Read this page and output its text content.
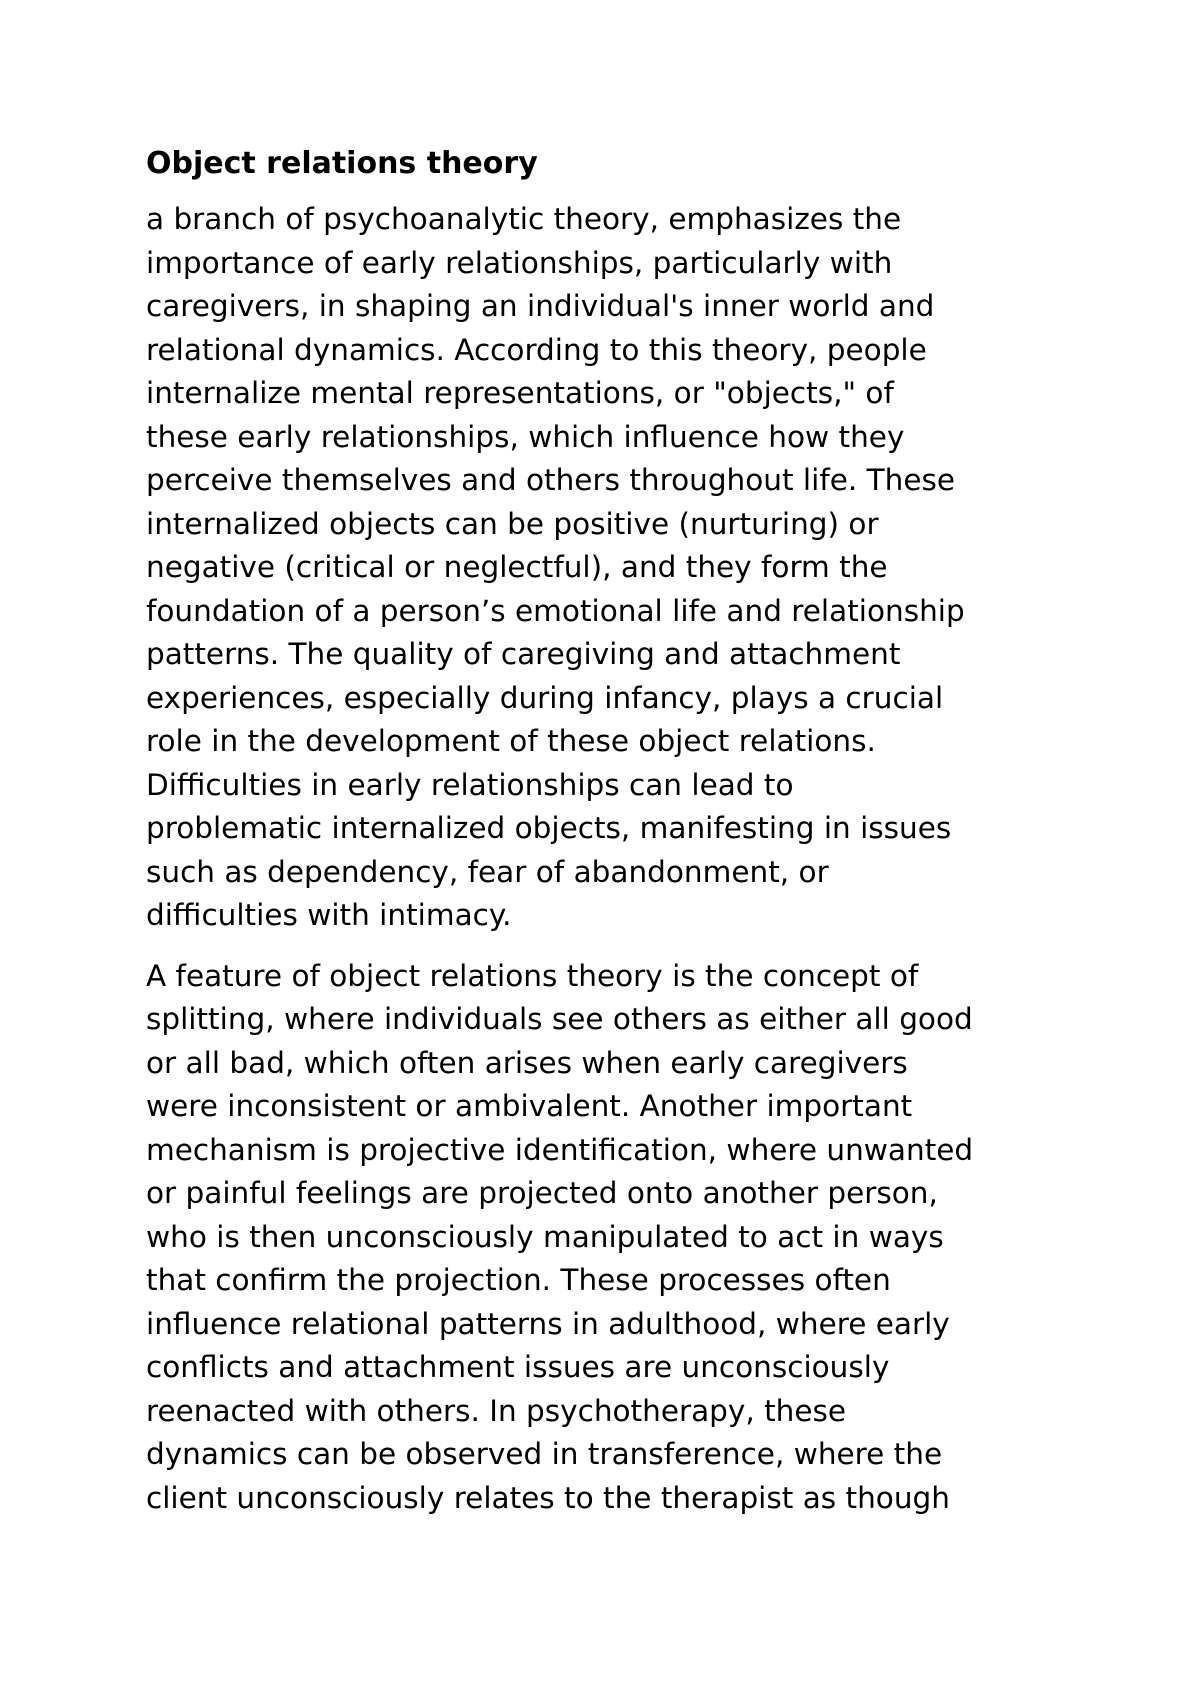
Object relations theory

a branch of psychoanalytic theory, emphasizes the
importance of early relationships, particularly with
caregivers, in shaping an individual's inner world and
relational dynamics. According to this theory, people
internalize mental representations, or "objects," of
these early relationships, which influence how they
perceive themselves and others throughout life. These
internalized objects can be positive (nurturing) or
negative (critical or neglectful), and they form the
foundation of a person’s emotional life and relationship
patterns. The quality of caregiving and attachment
experiences, especially during infancy, plays a crucial
role in the development of these object relations.
Difficulties in early relationships can lead to
problematic internalized objects, manifesting in issues
such as dependency, fear of abandonment, or
difficulties with intimacy.

A feature of object relations theory is the concept of
splitting, where individuals see others as either all good
or all bad, which often arises when early caregivers
were inconsistent or ambivalent. Another important
mechanism is projective identification, where unwanted
or painful feelings are projected onto another person,
who is then unconsciously manipulated to act in ways
that confirm the projection. These processes often
influence relational patterns in adulthood, where early
conflicts and attachment issues are unconsciously
reenacted with others. In psychotherapy, these
dynamics can be observed in transference, where the
client unconsciously relates to the therapist as though
